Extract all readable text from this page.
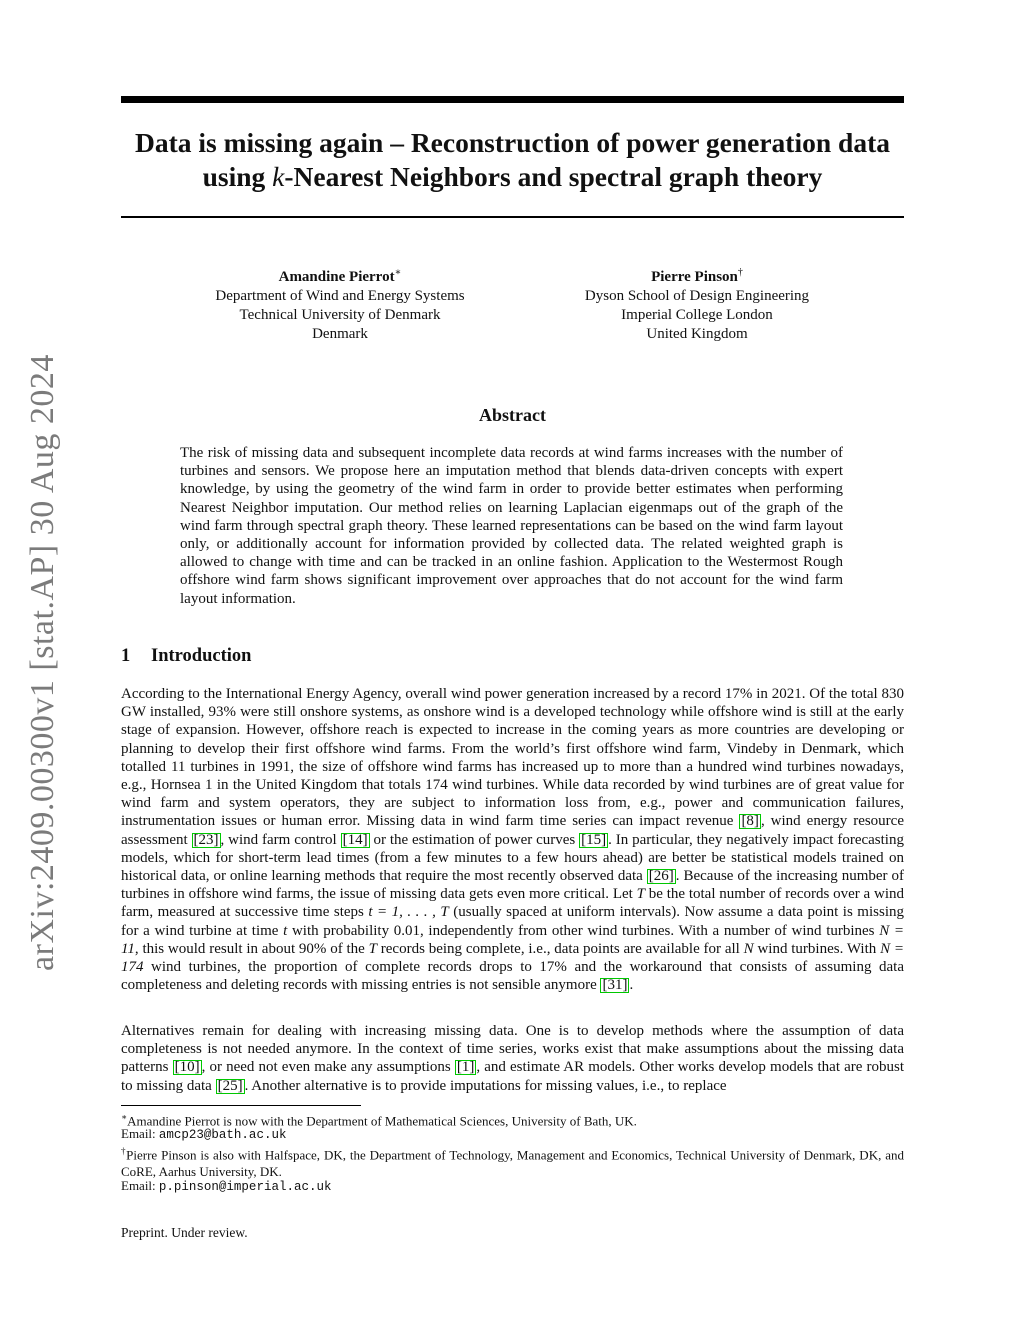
arXiv:2409.00300v1 [stat.AP] 30 Aug 2024
Data is missing again – Reconstruction of power generation data
using k-Nearest Neighbors and spectral graph theory
Amandine Pierrot∗
Department of Wind and Energy Systems
Technical University of Denmark
Denmark
Pierre Pinson†
Dyson School of Design Engineering
Imperial College London
United Kingdom
Abstract

The risk of missing data and subsequent incomplete data records at wind farms increases with the number of turbines and sensors. We propose here an imputation method that blends data-driven concepts with expert knowledge, by using the geometry of the wind farm in order to provide better estimates when performing Nearest Neighbor imputation. Our method relies on learning Laplacian eigenmaps out of the graph of the wind farm through spectral graph theory. These learned representations can be based on the wind farm layout only, or additionally account for information provided by collected data. The related weighted graph is allowed to change with time and can be tracked in an online fashion. Application to the Westermost Rough offshore wind farm shows significant improvement over approaches that do not account for the wind farm layout information.

1 Introduction

According to the International Energy Agency, overall wind power generation increased by a record 17% in 2021. Of the total 830 GW installed, 93% were still onshore systems, as onshore wind is a developed technology while offshore wind is still at the early stage of expansion. However, offshore reach is expected to increase in the coming years as more countries are developing or planning to develop their first offshore wind farms. From the world’s first offshore wind farm, Vindeby in Denmark, which totalled 11 turbines in 1991, the size of offshore wind farms has increased up to more than a hundred wind turbines nowadays, e.g., Hornsea 1 in the United Kingdom that totals 174 wind turbines. While data recorded by wind turbines are of great value for wind farm and system operators, they are subject to information loss from, e.g., power and communication failures, instrumentation issues or human error. Missing data in wind farm time series can impact revenue [8] , wind energy resource assessment [23] , wind farm control [14] or the estimation of power curves [15] . In particular, they negatively impact forecasting models, which for short-term lead times (from a few minutes to a few hours ahead) are better be statistical models trained on historical data, or online learning methods that require the most recently observed data [26] . Because of the increasing number of turbines in offshore wind farms, the issue of missing data gets even more critical. Let T be the total number of records over a wind farm, measured at successive time steps t = 1, . . . , T (usually spaced at uniform intervals). Now assume a data point is missing for a wind turbine at time t with probability 0.01, independently from other wind turbines. With a number of wind turbines N = 11, this would result in about 90% of the T records being complete, i.e., data points are available for all N wind turbines. With N = 174 wind turbines, the proportion of complete records drops to 17% and the workaround that consists of assuming data completeness and deleting records with missing entries is not sensible anymore [31] .

Alternatives remain for dealing with increasing missing data. One is to develop methods where the assumption of data completeness is not needed anymore. In the context of time series, works exist that make assumptions about the missing data patterns [10] , or need not even make any assumptions [1] , and estimate AR models. Other works develop models that are robust to missing data [25] . Another alternative is to provide imputations for missing values, i.e., to replace

∗Amandine Pierrot is now with the Department of Mathematical Sciences, University of Bath, UK.

Email: amcp23@bath.ac.uk

†Pierre Pinson is also with Halfspace, DK, the Department of Technology, Management and Economics, Technical University of Denmark, DK, and CoRE, Aarhus University, DK.

Email: p.pinson@imperial.ac.uk

Preprint. Under review.
